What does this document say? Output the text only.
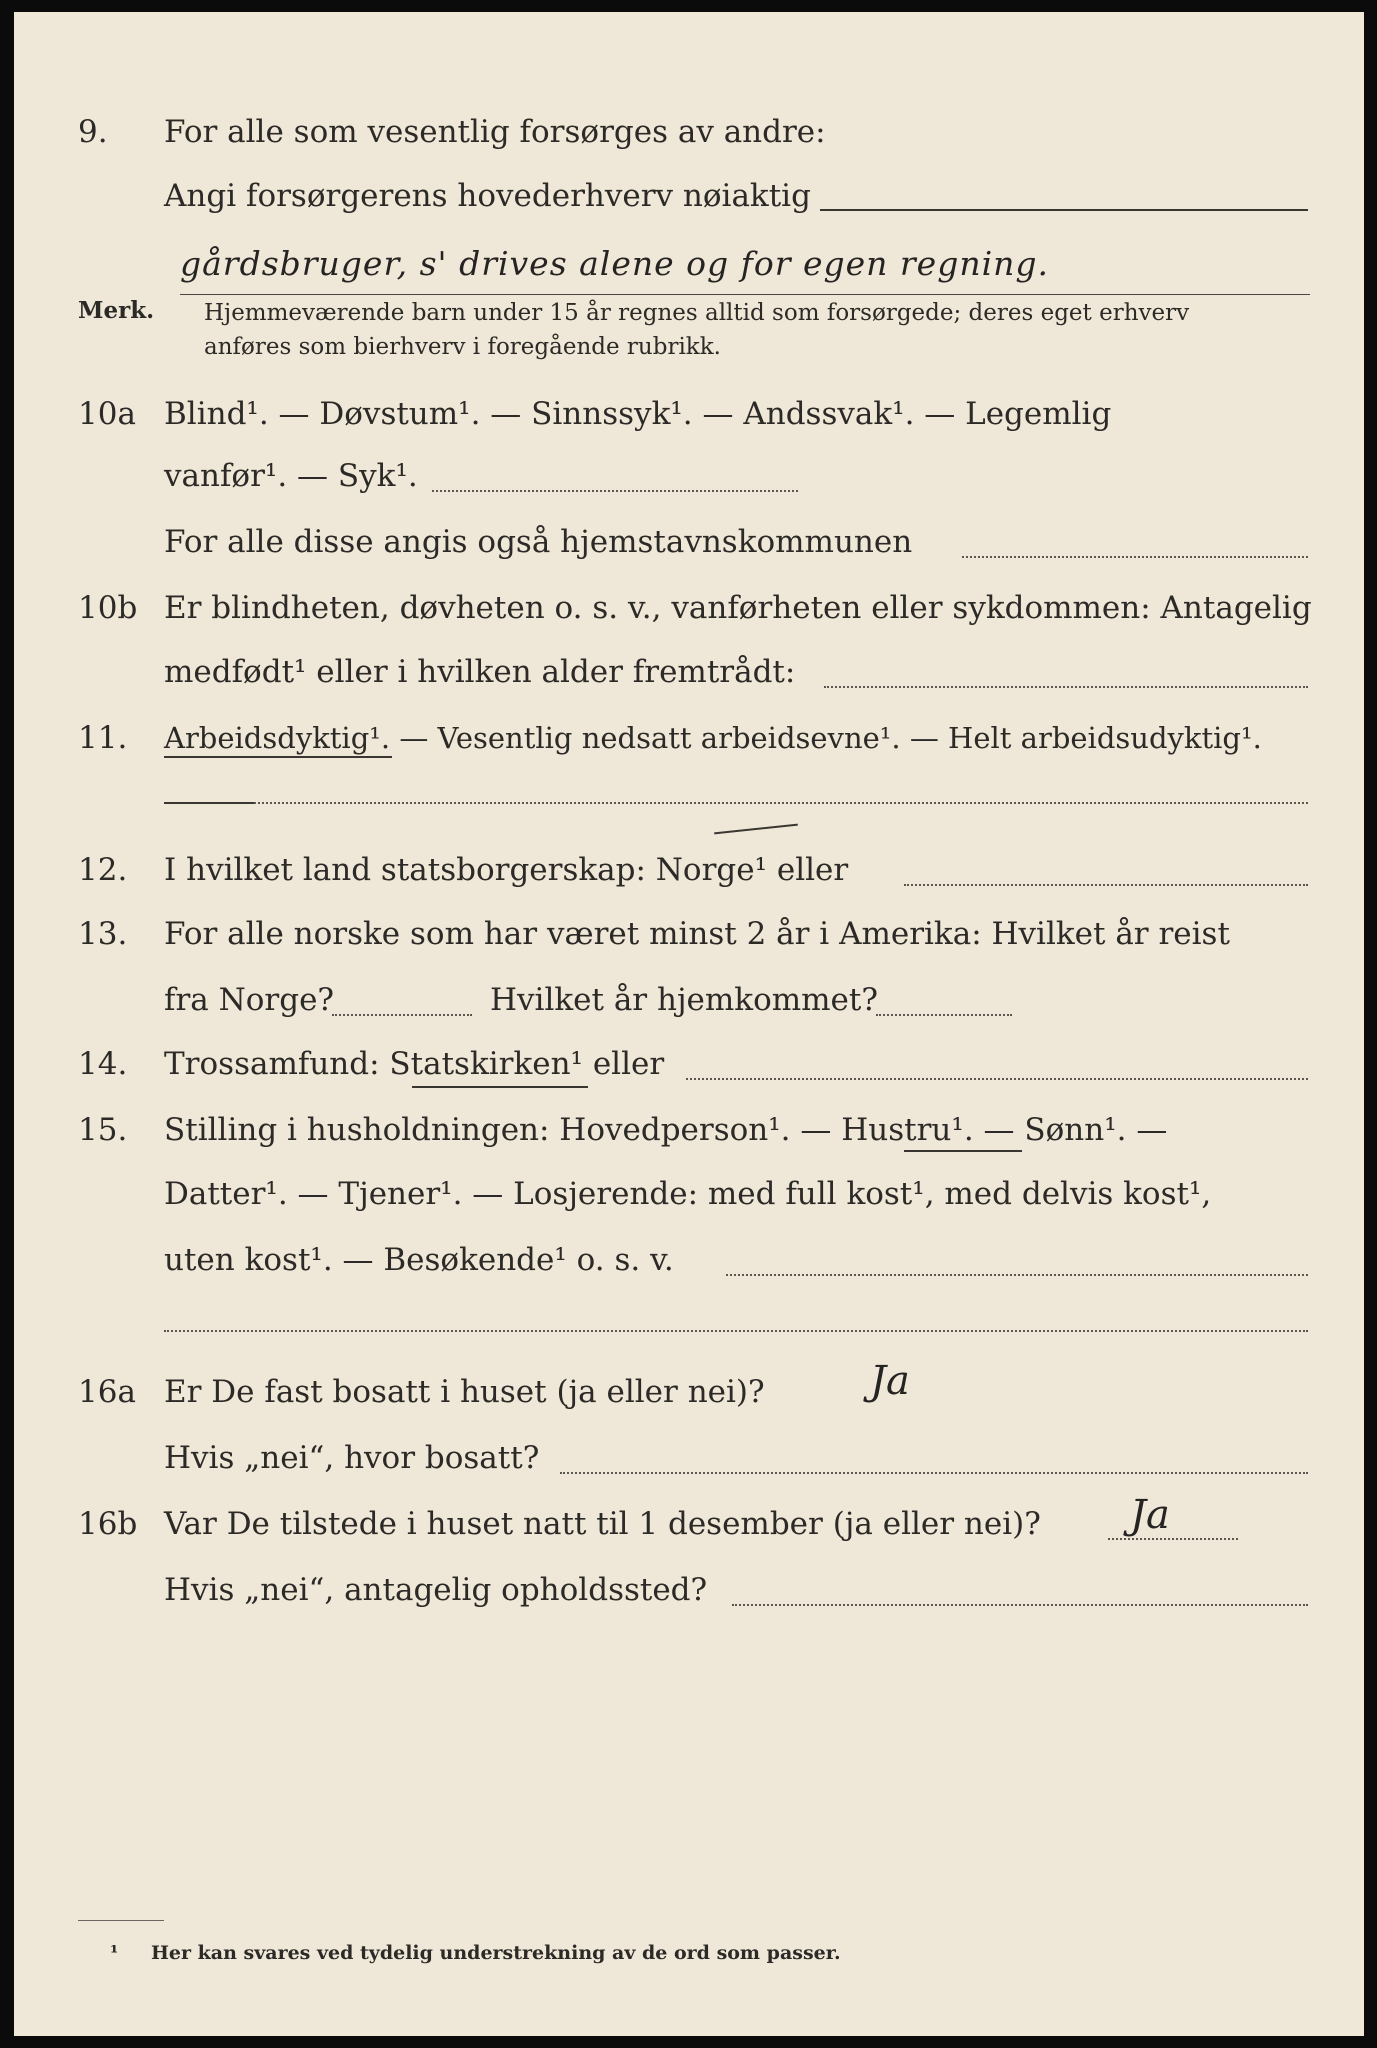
9. For alle som vesentlig forsørges av andre:
Angi forsørgerens hovederhverv nøiaktig
gårdsbruger, s' drives alene og for egen regning.
Merk. Hjemmeværende barn under 15 år regnes alltid som forsørgede; deres eget erhverv
anføres som bierhverv i foregående rubrikk.
10a Blind¹. — Døvstum¹. — Sinnssyk¹. — Andssvak¹. — Legemlig
vanfør¹. — Syk¹.
For alle disse angis også hjemstavnskommunen
10b Er blindheten, døvheten o. s. v., vanførheten eller sykdommen: Antagelig
medfødt¹ eller i hvilken alder fremtrådt:
11. Arbeidsdyktig¹. — Vesentlig nedsatt arbeidsevne¹. — Helt arbeidsudyktig¹.
12. I hvilket land statsborgerskap: Norge¹ eller
13. For alle norske som har været minst 2 år i Amerika: Hvilket år reist
fra Norge?	Hvilket år hjemkommet?
14. Trossamfund: Statskirken¹ eller
15. Stilling i husholdningen: Hovedperson¹. — Hustru¹. — Sønn¹. —
Datter¹. — Tjener¹. — Losjerende: med full kost¹, med delvis kost¹,
uten kost¹. — Besøkende¹ o. s. v.
16a Er De fast bosatt i huset (ja eller nei)?	Ja
Hvis „nei“, hvor bosatt?
16b Var De tilstede i huset natt til 1 desember (ja eller nei)? Ja
Hvis „nei“, antagelig opholdssted?
¹ Her kan svares ved tydelig understrekning av de ord som passer.
